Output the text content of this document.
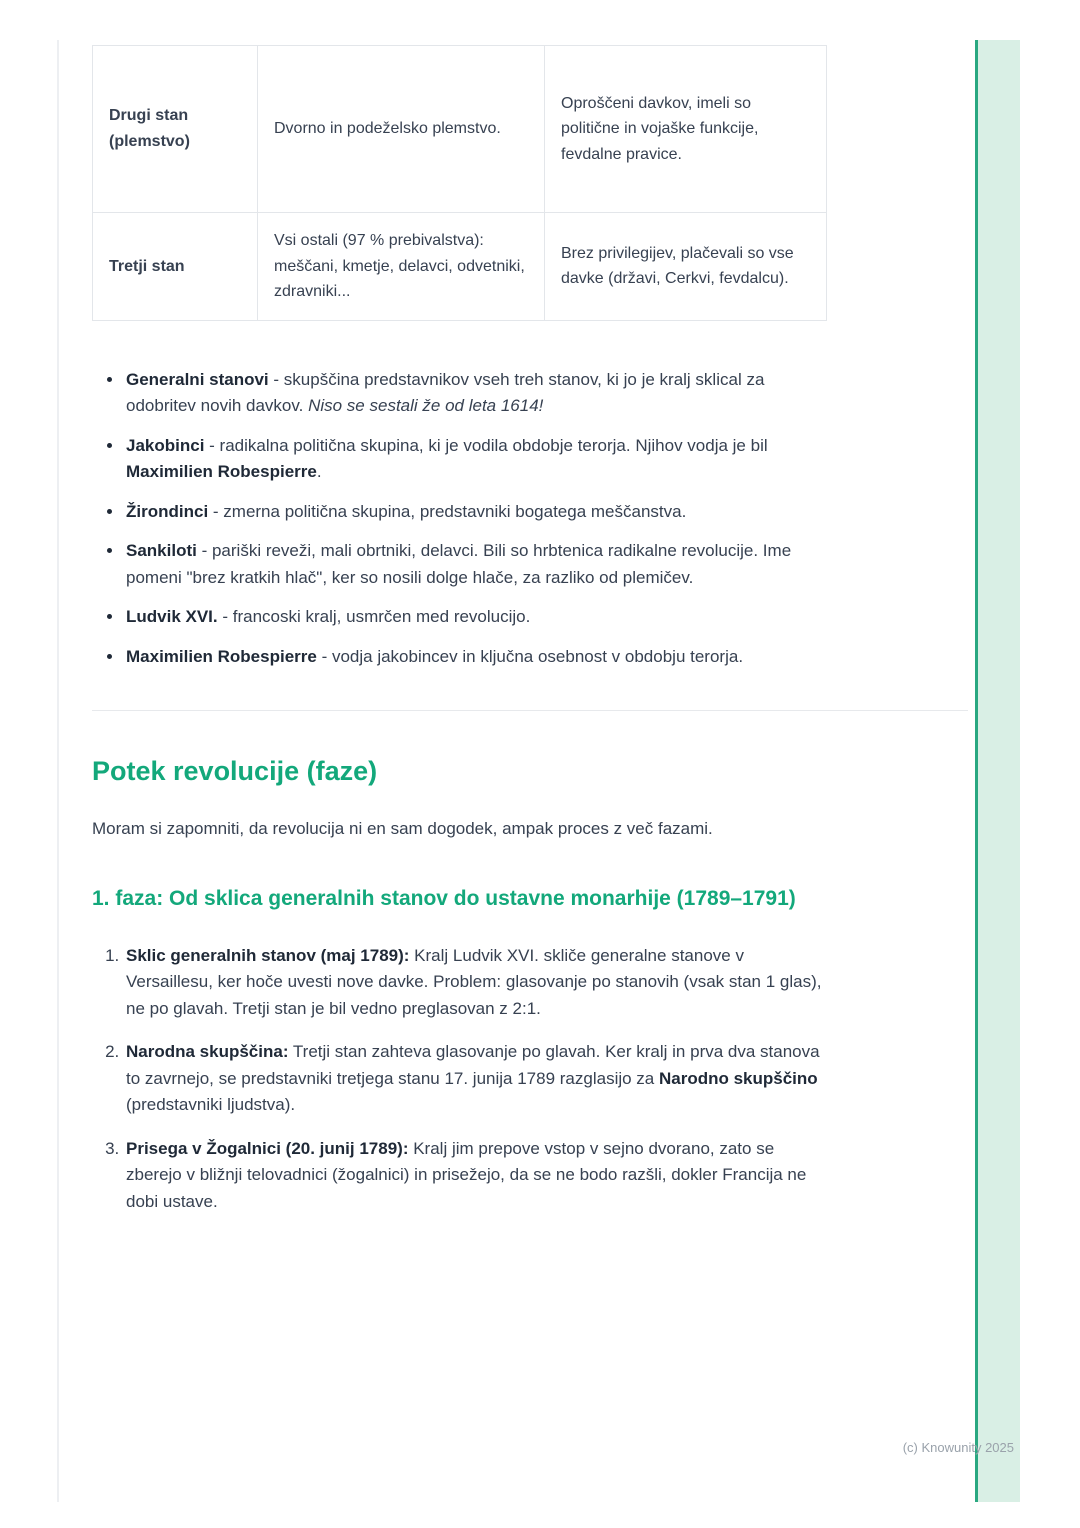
Drugi stan (plemstvo)	Dvorno in podeželsko plemstvo.	Oproščeni davkov, imeli so politične in vojaške funkcije, fevdalne pravice.
Tretji stan	Vsi ostali (97 % prebivalstva): meščani, kmetje, delavci, odvetniki, zdravniki...	Brez privilegijev, plačevali so vse davke (državi, Cerkvi, fevdalcu).
• Generalni stanovi - skupščina predstavnikov vseh treh stanov, ki jo je kralj sklical za odobritev novih davkov. Niso se sestali že od leta 1614!
• Jakobinci - radikalna politična skupina, ki je vodila obdobje terorja. Njihov vodja je bil Maximilien Robespierre.
• Žirondinci - zmerna politična skupina, predstavniki bogatega meščanstva.
• Sankiloti - pariški reveži, mali obrtniki, delavci. Bili so hrbtenica radikalne revolucije. Ime pomeni "brez kratkih hlač", ker so nosili dolge hlače, za razliko od plemičev.
• Ludvik XVI. - francoski kralj, usmrčen med revolucijo.
• Maximilien Robespierre - vodja jakobincev in ključna osebnost v obdobju terorja.
Potek revolucije (faze)

Moram si zapomniti, da revolucija ni en sam dogodek, ampak proces z več fazami.

1. faza: Od sklica generalnih stanov do ustavne monarhije (1789–1791)
1. Sklic generalnih stanov (maj 1789): Kralj Ludvik XVI. skliče generalne stanove v Versaillesu, ker hoče uvesti nove davke. Problem: glasovanje po stanovih (vsak stan 1 glas), ne po glavah. Tretji stan je bil vedno preglasovan z 2:1.
2. Narodna skupščina: Tretji stan zahteva glasovanje po glavah. Ker kralj in prva dva stanova to zavrnejo, se predstavniki tretjega stanu 17. junija 1789 razglasijo za Narodno skupščino (predstavniki ljudstva).
3. Prisega v Žogalnici (20. junij 1789): Kralj jim prepove vstop v sejno dvorano, zato se zberejo v bližnji telovadnici (žogalnici) in prisežejo, da se ne bodo razšli, dokler Francija ne dobi ustave.
(c) Knowunity 2025
